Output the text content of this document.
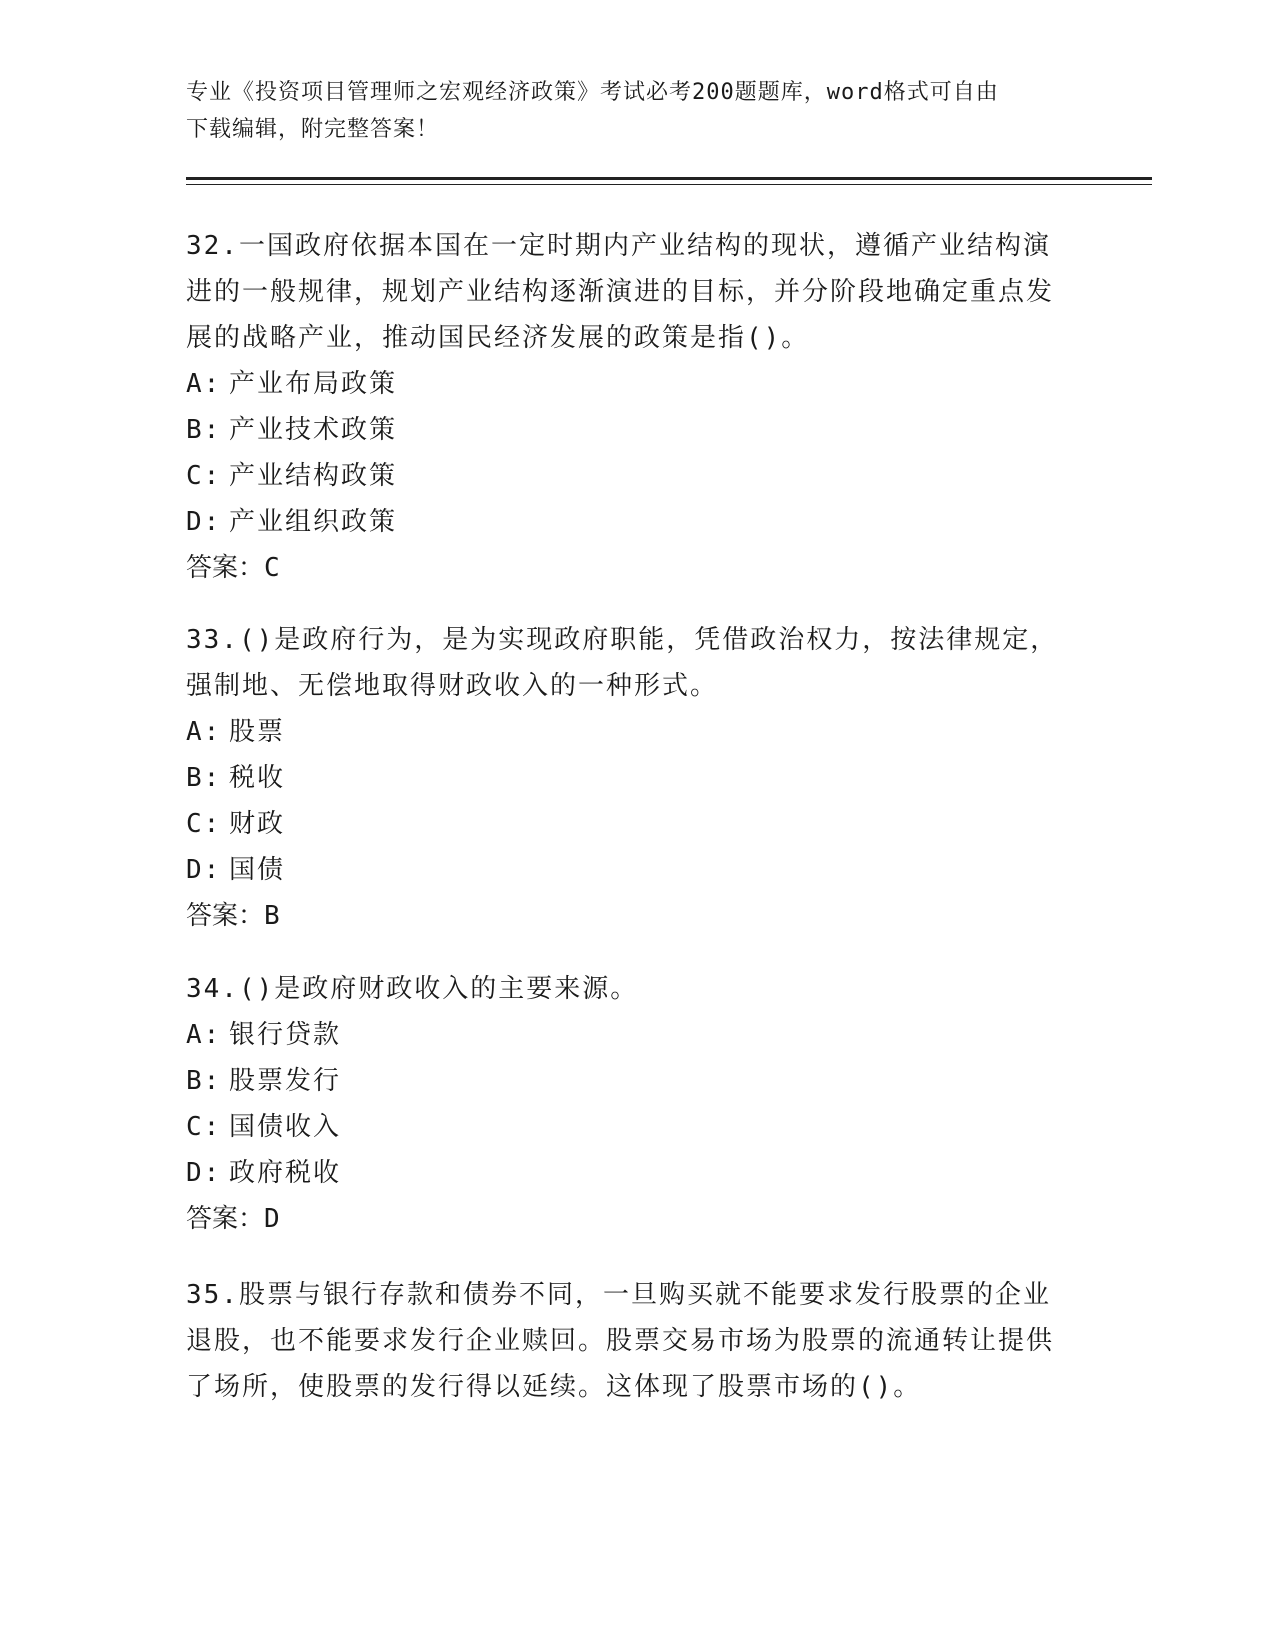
专业《投资项目管理师之宏观经济政策》考试必考200题题库，word格式可自由
下载编辑，附完整答案！
32.一国政府依据本国在一定时期内产业结构的现状，遵循产业结构演进的一般规律，规划产业结构逐渐演进的目标，并分阶段地确定重点发展的战略产业，推动国民经济发展的政策是指()。
A: 产业布局政策
B: 产业技术政策
C: 产业结构政策
D: 产业组织政策
答案：C
33.()是政府行为，是为实现政府职能，凭借政治权力，按法律规定，强制地、无偿地取得财政收入的一种形式。
A: 股票
B: 税收
C: 财政
D: 国债
答案：B
34.()是政府财政收入的主要来源。
A: 银行贷款
B: 股票发行
C: 国债收入
D: 政府税收
答案：D
35.股票与银行存款和债券不同，一旦购买就不能要求发行股票的企业退股，也不能要求发行企业赎回。股票交易市场为股票的流通转让提供了场所，使股票的发行得以延续。这体现了股票市场的()。
